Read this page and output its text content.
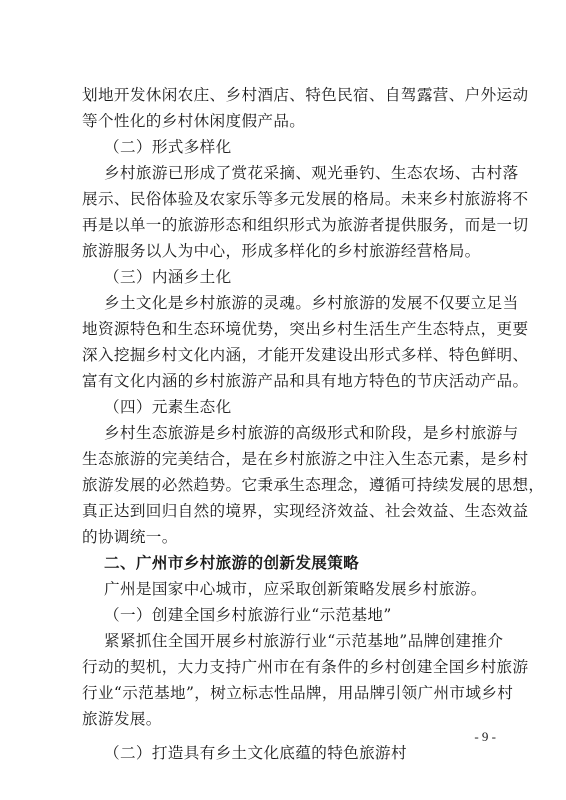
划地开发休闲农庄、乡村酒店、特色民宿、自驾露营、户外运动
等个性化的乡村休闲度假产品。
（二）形式多样化
乡村旅游已形成了赏花采摘、观光垂钓、生态农场、古村落
展示、民俗体验及农家乐等多元发展的格局。未来乡村旅游将不
再是以单一的旅游形态和组织形式为旅游者提供服务，而是一切
旅游服务以人为中心，形成多样化的乡村旅游经营格局。
（三）内涵乡土化
乡土文化是乡村旅游的灵魂。乡村旅游的发展不仅要立足当
地资源特色和生态环境优势，突出乡村生活生产生态特点，更要
深入挖掘乡村文化内涵，才能开发建设出形式多样、特色鲜明、
富有文化内涵的乡村旅游产品和具有地方特色的节庆活动产品。
（四）元素生态化
乡村生态旅游是乡村旅游的高级形式和阶段，是乡村旅游与
生态旅游的完美结合，是在乡村旅游之中注入生态元素，是乡村
旅游发展的必然趋势。它秉承生态理念，遵循可持续发展的思想，
真正达到回归自然的境界，实现经济效益、社会效益、生态效益
的协调统一。
二、广州市乡村旅游的创新发展策略
广州是国家中心城市，应采取创新策略发展乡村旅游。
（一）创建全国乡村旅游行业“示范基地”
紧紧抓住全国开展乡村旅游行业“示范基地”品牌创建推介
行动的契机，大力支持广州市在有条件的乡村创建全国乡村旅游
行业“示范基地”，树立标志性品牌，用品牌引领广州市域乡村
旅游发展。
（二）打造具有乡土文化底蕴的特色旅游村
- 9 -
